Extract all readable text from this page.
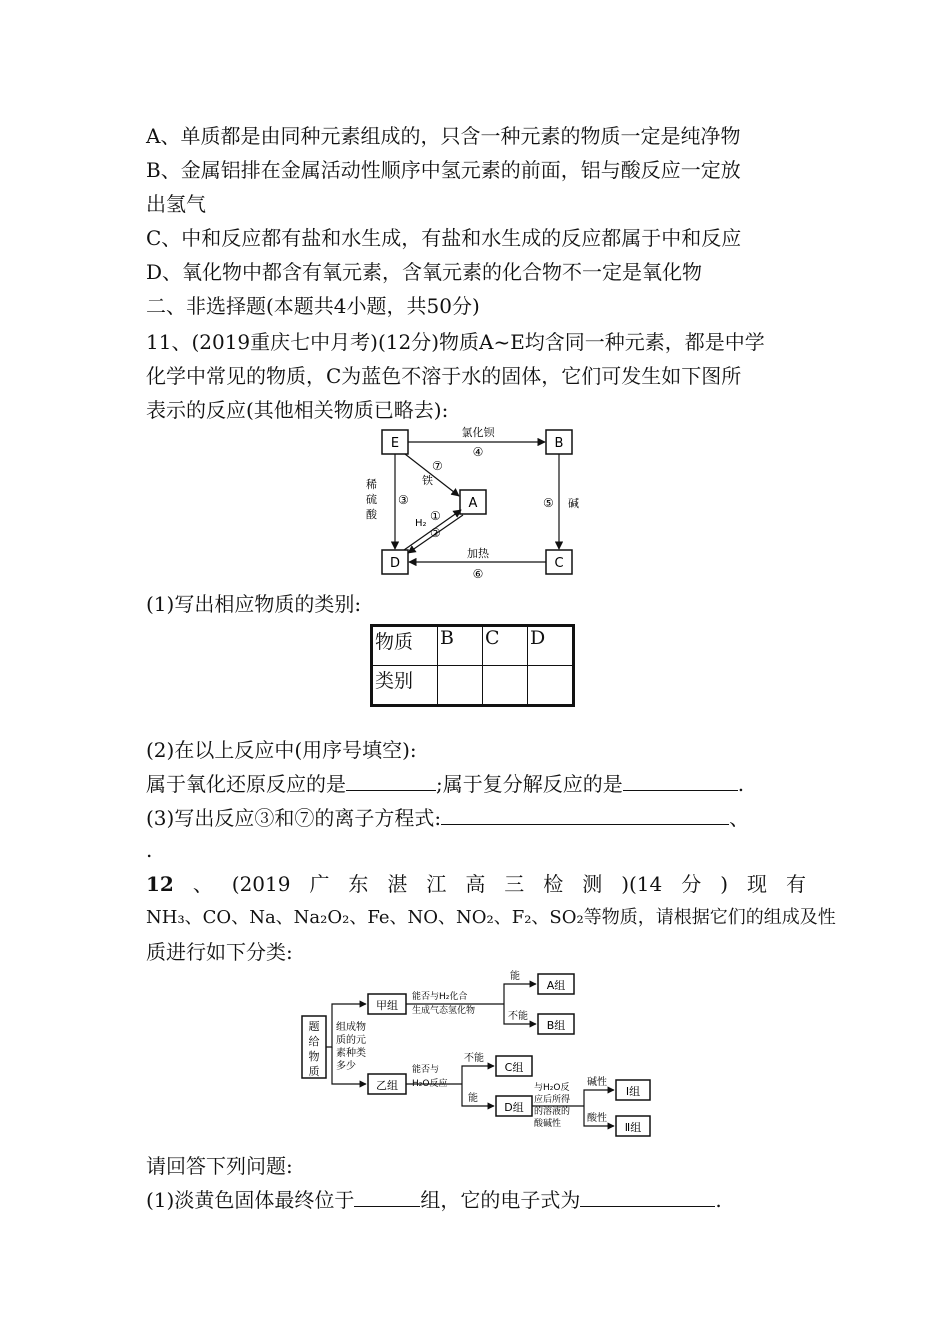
A、单质都是由同种元素组成的，只含一种元素的物质一定是纯净物
B、金属铝排在金属活动性顺序中氢元素的前面，铝与酸反应一定放
出氢气
C、中和反应都有盐和水生成，有盐和水生成的反应都属于中和反应
D、氧化物中都含有氧元素，含氧元素的化合物不一定是氧化物
二、非选择题(本题共4小题，共50分)
11、(2019重庆七中月考)(12分)物质A~E均含同一种元素，都是中学
化学中常见的物质，C为蓝色不溶于水的固体，它们可发生如下图所
表示的反应(其他相关物质已略去):
E	B
A
D	C
氯化钡
④
碱
⑤
加热
⑥
稀
硫
酸
③
⑦
铁
H₂
①
②
(1)写出相应物质的类别:
物质	B	C	D
类别			
(2)在以上反应中(用序号填空):
属于氧化还原反应的是	;属于复分解反应的是	.
(3)写出反应③和⑦的离子方程式:	、
.
12 、 (2019 广 东 湛 江 高 三 检 测 )(14 分 ) 现 有
NH₃、CO、Na、Na₂O₂、Fe、NO、NO₂、F₂、SO₂等物质，请根据它们的组成及性
质进行如下分类:
题
给
物
质
组成物
质的元
素种类
多少
甲组
乙组
能否与H₂化合
生成气态氢化物
能
不能
A组
B组
能否与
H₂O反应
不能
能
C组
D组
与H₂O反
应后所得
的溶液的
酸碱性
碱性
酸性
Ⅰ组
Ⅱ组
请回答下列问题:
(1)淡黄色固体最终位于	组，它的电子式为	.
